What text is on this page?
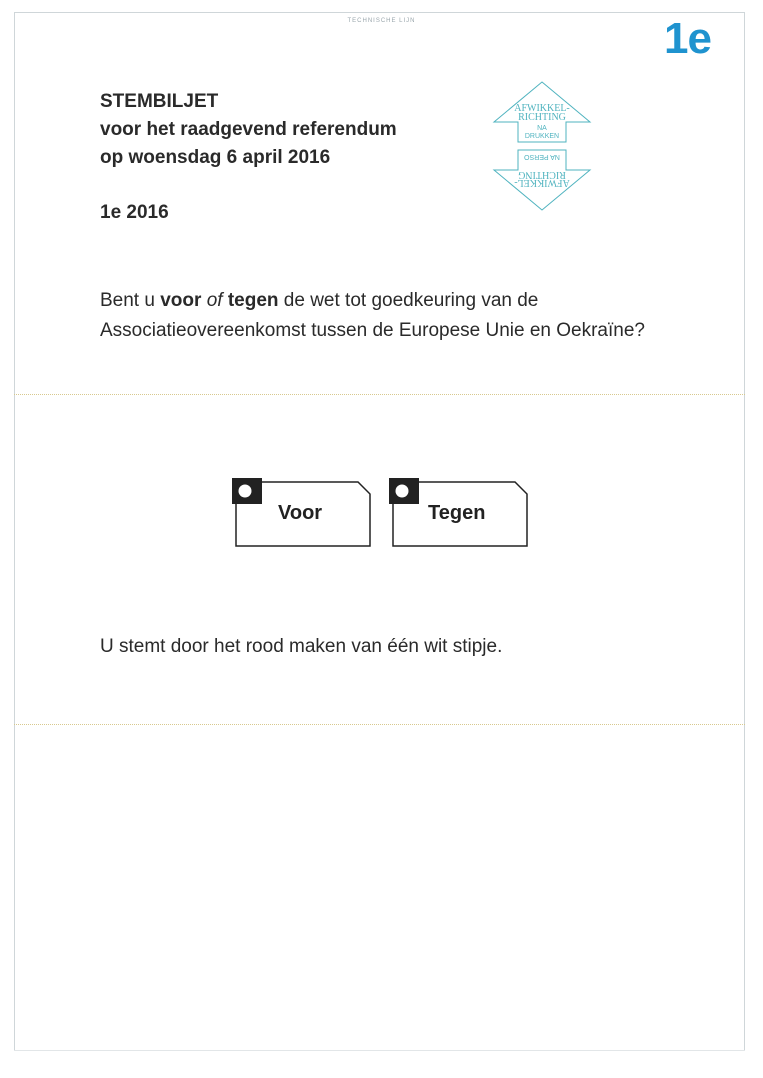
TECHNISCHE LIJN	1e
STEMBILJET
voor het raadgevend referendum
op woensdag 6 april 2016
1e 2016
AFWIKKEL-
RICHTING
NA
DRUKKEN
NA PERSO
RICHTING
AFWIKKEL-
Bent u voor of tegen de wet tot goedkeuring van de
Associatieovereenkomst tussen de Europese Unie en Oekraïne?
Voor	Tegen
U stemt door het rood maken van één wit stipje.
